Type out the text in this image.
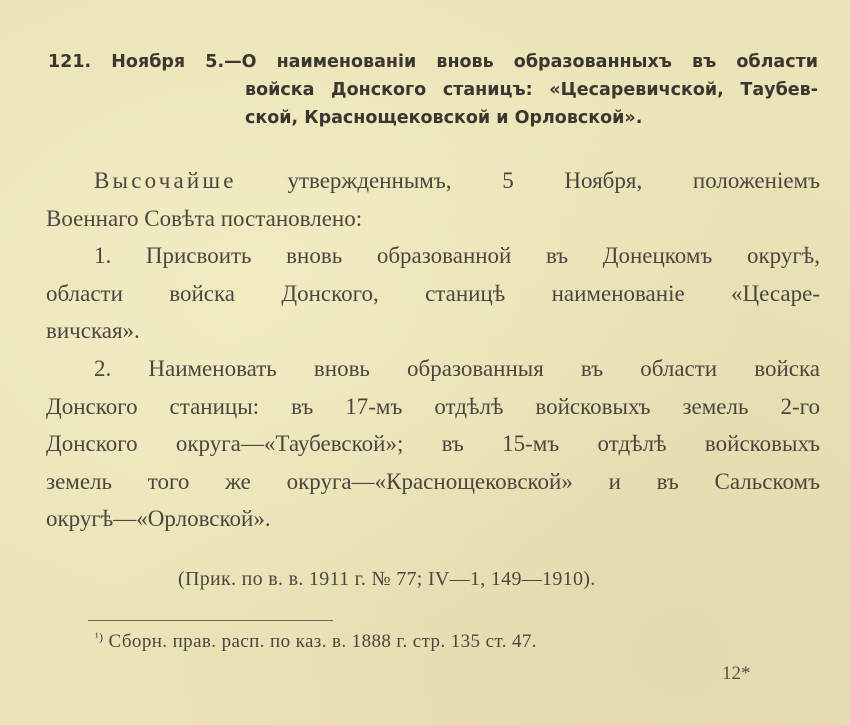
121. Ноября 5.—О наименованіи вновь образованныхъ въ области
войска Донского станицъ: «Цесаревичской, Таубев-
ской, Краснощековской и Орловской».
Высочайше утвержденнымъ, 5 Ноября, положеніемъ
Военнаго Совѣта постановлено:
1. Присвоить вновь образованной въ Донецкомъ округѣ,
области войска Донского, станицѣ наименованіе «Цесаре-
вичская».
2. Наименовать вновь образованныя въ области войска
Донского станицы: въ 17-мъ отдѣлѣ войсковыхъ земель 2-го
Донского округа—«Таубевской»; въ 15-мъ отдѣлѣ войсковыхъ
земель того же округа—«Краснощековской» и въ Сальскомъ
округѣ—«Орловской».
(Прик. по в. в. 1911 г. № 77; IV—1, 149—1910).
$^{^1)}$ Сборн. прав. расп. по каз. в. 1888 г. стр. 135 ст. 47.
12*
